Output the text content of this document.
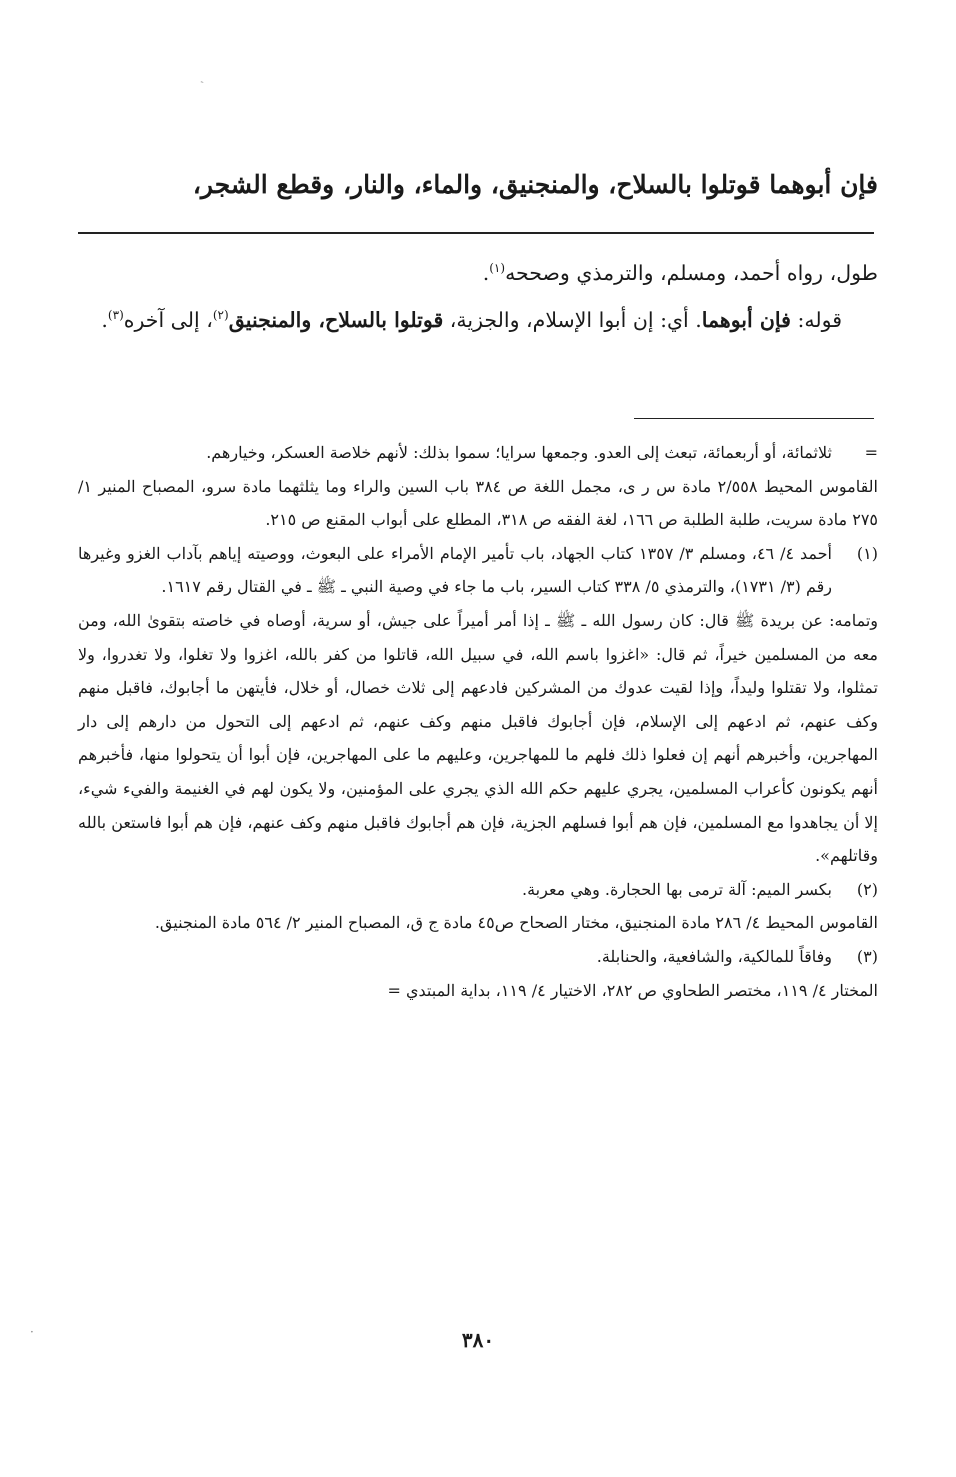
ˏ
·
فإن أبوهما قوتلوا بالسلاح، والمنجنيق، والماء، والنار، وقطع الشجر،

طول، رواه أحمد، ومسلم، والترمذي وصححه$^{(١)}$.

قوله: فإن أبوهما. أي: إن أبوا الإسلام، والجزية، قوتلوا بالسلاح، والمنجنيق$^{(٢)}$، إلى آخره$^{(٣)}$.

=

ثلاثمائة، أو أربعمائة، تبعث إلى العدو. وجمعها سرايا؛ سموا بذلك: لأنهم خلاصة العسكر، وخيارهم.

القاموس المحيط ٢/٥٥٨ مادة س ر ى، مجمل اللغة ص ٣٨٤ باب السين والراء وما يثلثهما مادة سرو، المصباح المنير ١/ ٢٧٥ مادة سريت، طلبة الطلبة ص ١٦٦، لغة الفقه ص ٣١٨، المطلع على أبواب المقنع ص ٢١٥.

(١)

أحمد ٤/ ٤٦، ومسلم ٣/ ١٣٥٧ كتاب الجهاد، باب تأمير الإمام الأمراء على البعوث، ووصيته إياهم بآداب الغزو وغيرها رقم (٣/ ١٧٣١)، والترمذي ٥/ ٣٣٨ كتاب السير، باب ما جاء في وصية النبي ـ ﷺ ـ في القتال رقم ١٦١٧.

وتمامه: عن بريدة ﷺ قال: كان رسول الله ـ ﷺ ـ إذا أمر أميراً على جيش، أو سرية، أوصاه في خاصته بتقوىٰ الله، ومن معه من المسلمين خيراً، ثم قال: «اغزوا باسم الله، في سبيل الله، قاتلوا من كفر بالله، اغزوا ولا تغلوا، ولا تغدروا، ولا تمثلوا، ولا تقتلوا وليداً، وإذا لقيت عدوك من المشركين فادعهم إلى ثلاث خصال، أو خلال، فأيتهن ما أجابوك، فاقبل منهم وكف عنهم، ثم ادعهم إلى الإسلام، فإن أجابوك فاقبل منهم وكف عنهم، ثم ادعهم إلى التحول من دارهم إلى دار المهاجرين، وأخبرهم أنهم إن فعلوا ذلك فلهم ما للمهاجرين، وعليهم ما على المهاجرين، فإن أبوا أن يتحولوا منها، فأخبرهم أنهم يكونون كأعراب المسلمين، يجري عليهم حكم الله الذي يجري على المؤمنين، ولا يكون لهم في الغنيمة والفيء شيء، إلا أن يجاهدوا مع المسلمين، فإن هم أبوا فسلهم الجزية، فإن هم أجابوك فاقبل منهم وكف عنهم، فإن هم أبوا فاستعن بالله وقاتلهم».

(٢)

بكسر الميم: آلة ترمى بها الحجارة. وهي معربة.

القاموس المحيط ٤/ ٢٨٦ مادة المنجنيق، مختار الصحاح ص٤٥ مادة ج ق، المصباح المنير ٢/ ٥٦٤ مادة المنجنيق.

(٣)

وفاقاً للمالكية، والشافعية، والحنابلة.

المختار ٤/ ١١٩، مختصر الطحاوي ص ٢٨٢، الاختيار ٤/ ١١٩، بداية المبتدي =

٣٨٠
